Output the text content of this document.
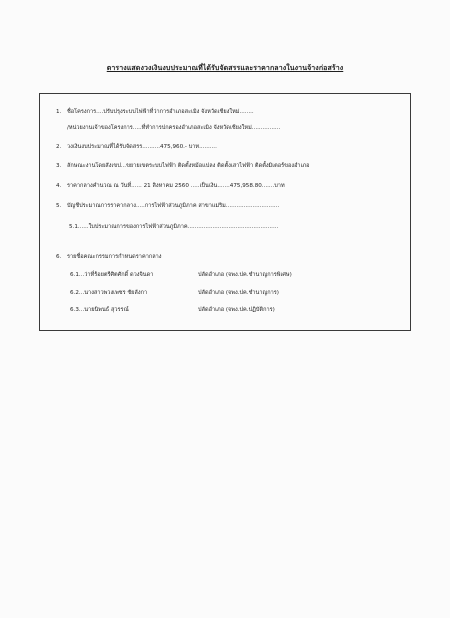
ตารางแสดงวงเงินงบประมาณที่ได้รับจัดสรรและราคากลางในงานจ้างก่อสร้าง
1. ชื่อโครงการ....ปรับปรุงระบบไฟฟ้าที่ว่าการอำเภอสะเมิง จังหวัดเชียงใหม่........
/หน่วยงานเจ้าของโครงการ.....ที่ทำการปกครองอำเภอสะเมิง จังหวัดเชียงใหม่................
2. วงเงินงบประมาณที่ได้รับจัดสรร..........475,960.- บาท..........
3. ลักษณะงานโดยสังเขป...ขยายเขตระบบไฟฟ้า ติดตั้งหม้อแปลง ติดตั้งเสาไฟฟ้า ติดตั้งมิเตอร์ของอำเภอ
4. ราคากลางคำนวณ ณ วันที่...... 21 สิงหาคม 2560 .....เป็นเงิน.......475,958.80.......บาท
5. บัญชีประมาณการราคากลาง.....การไฟฟ้าส่วนภูมิภาค สาขาแม่ริม..............................
5.1......ใบประมาณการของการไฟฟ้าส่วนภูมิภาค...................................................
6. รายชื่อคณะกรรมการกำหนดราคากลาง
6.1...ว่าที่ร้อยตรีศิตศักดิ์ ดวงจินดา	ปลัดอำเภอ (จพง.ปค.ชำนาญการพิเศษ)
6.2...นางสาวพวงเพชร ชัยลังกา	ปลัดอำเภอ (จพง.ปค.ชำนาญการ)
6.3...นายนิพนธ์ สุวรรณ์	ปลัดอำเภอ (จพง.ปค.ปฏิบัติการ)
